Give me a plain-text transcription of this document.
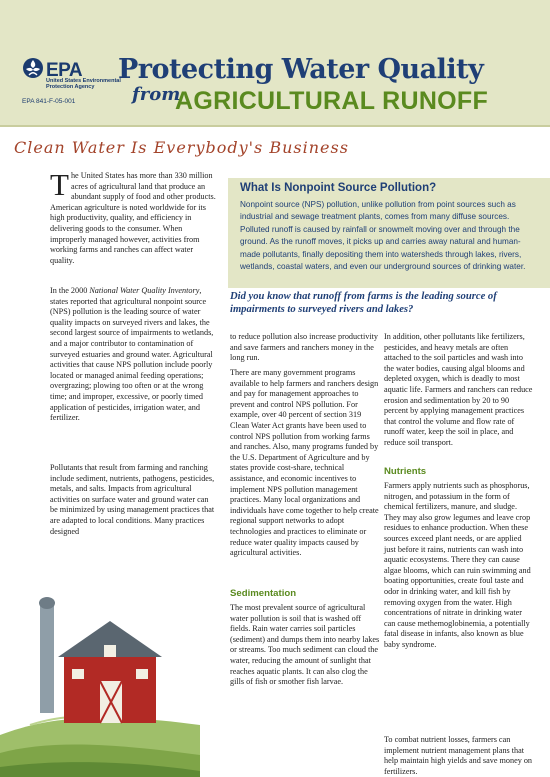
EPA
United States Environmental Protection Agency
EPA 841-F-05-001
Protecting Water Quality
from
AGRICULTURAL RUNOFF
Clean Water Is Everybody's Business
The United States has more than 330 million acres of agricultural land that produce an abundant supply of food and other products. American agriculture is noted worldwide for its high productivity, quality, and efficiency in delivering goods to the consumer. When improperly managed however, activities from working farms and ranches can affect water quality.
In the 2000 National Water Quality Inventory, states reported that agricultural nonpoint source (NPS) pollution is the leading source of water quality impacts on surveyed rivers and lakes, the second largest source of impairments to wetlands, and a major contributor to contamination of surveyed estuaries and ground water. Agricultural activities that cause NPS pollution include poorly located or managed animal feeding operations; overgrazing; plowing too often or at the wrong time; and improper, excessive, or poorly timed application of pesticides, irrigation water, and fertilizer.
Pollutants that result from farming and ranching include sediment, nutrients, pathogens, pesticides, metals, and salts. Impacts from agricultural activities on surface water and ground water can be minimized by using management practices that are adapted to local conditions. Many practices designed
What Is Nonpoint Source Pollution?
Nonpoint source (NPS) pollution, unlike pollution from point sources such as industrial and sewage treatment plants, comes from many diffuse sources. Polluted runoff is caused by rainfall or snowmelt moving over and through the ground. As the runoff moves, it picks up and carries away natural and human-made pollutants, finally depositing them into watersheds through lakes, rivers, wetlands, coastal waters, and even our underground sources of drinking water.
Did you know that runoff from farms is the leading source of impairments to surveyed rivers and lakes?
to reduce pollution also increase productivity and save farmers and ranchers money in the long run.
There are many government programs available to help farmers and ranchers design and pay for management approaches to prevent and control NPS pollution. For example, over 40 percent of section 319 Clean Water Act grants have been used to control NPS pollution from working farms and ranches. Also, many programs funded by the U.S. Department of Agriculture and by states provide cost-share, technical assistance, and economic incentives to implement NPS pollution management practices. Many local organizations and individuals have come together to help create regional support networks to adopt technologies and practices to eliminate or reduce water quality impacts caused by agricultural activities.
Sedimentation
The most prevalent source of agricultural water pollution is soil that is washed off fields. Rain water carries soil particles (sediment) and dumps them into nearby lakes or streams. Too much sediment can cloud the water, reducing the amount of sunlight that reaches aquatic plants. It can also clog the gills of fish or smother fish larvae.
In addition, other pollutants like fertilizers, pesticides, and heavy metals are often attached to the soil particles and wash into the water bodies, causing algal blooms and depleted oxygen, which is deadly to most aquatic life. Farmers and ranchers can reduce erosion and sedimentation by 20 to 90 percent by applying management practices that control the volume and flow rate of runoff water, keep the soil in place, and reduce soil transport.
Nutrients
Farmers apply nutrients such as phosphorus, nitrogen, and potassium in the form of chemical fertilizers, manure, and sludge. They may also grow legumes and leave crop residues to enhance production. When these sources exceed plant needs, or are applied just before it rains, nutrients can wash into aquatic ecosystems. There they can cause algae blooms, which can ruin swimming and boating opportunities, create foul taste and odor in drinking water, and kill fish by removing oxygen from the water. High concentrations of nitrate in drinking water can cause methemoglobinemia, a potentially fatal disease in infants, also known as blue baby syndrome.
To combat nutrient losses, farmers can implement nutrient management plans that help maintain high yields and save money on fertilizers.
